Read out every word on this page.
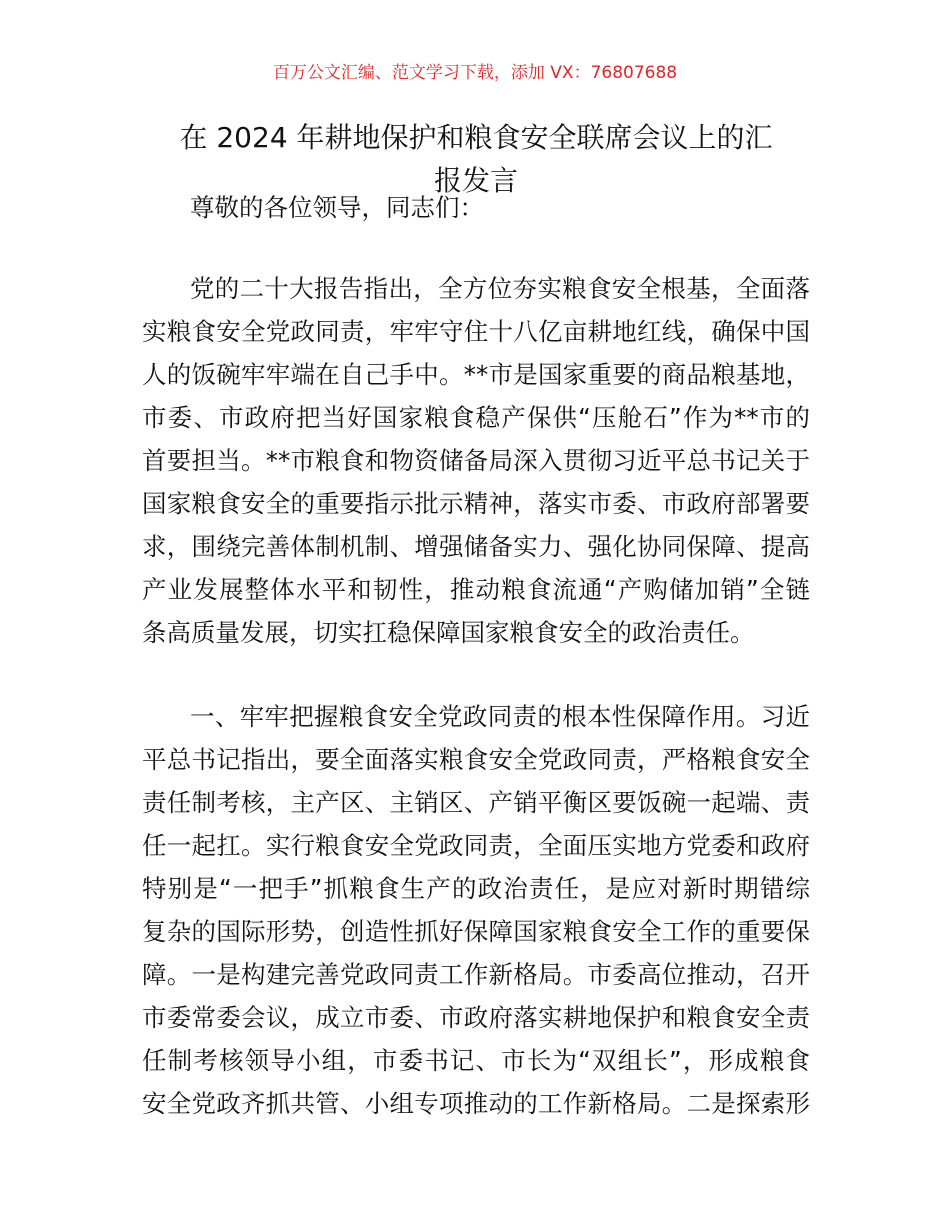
百万公文汇编、范文学习下载，添加 VX：76807688
在 2024 年耕地保护和粮食安全联席会议上的汇
报发言
尊敬的各位领导，同志们：
党的二十大报告指出，全方位夯实粮食安全根基，全面落
实粮食安全党政同责，牢牢守住十八亿亩耕地红线，确保中国
人的饭碗牢牢端在自己手中。**市是国家重要的商品粮基地，
市委、市政府把当好国家粮食稳产保供“压舱石”作为**市的
首要担当。**市粮食和物资储备局深入贯彻习近平总书记关于
国家粮食安全的重要指示批示精神，落实市委、市政府部署要
求，围绕完善体制机制、增强储备实力、强化协同保障、提高
产业发展整体水平和韧性，推动粮食流通“产购储加销”全链
条高质量发展，切实扛稳保障国家粮食安全的政治责任。
一、牢牢把握粮食安全党政同责的根本性保障作用。习近
平总书记指出，要全面落实粮食安全党政同责，严格粮食安全
责任制考核，主产区、主销区、产销平衡区要饭碗一起端、责
任一起扛。实行粮食安全党政同责，全面压实地方党委和政府
特别是“一把手”抓粮食生产的政治责任，是应对新时期错综
复杂的国际形势，创造性抓好保障国家粮食安全工作的重要保
障。一是构建完善党政同责工作新格局。市委高位推动，召开
市委常委会议，成立市委、市政府落实耕地保护和粮食安全责
任制考核领导小组，市委书记、市长为“双组长”，形成粮食
安全党政齐抓共管、小组专项推动的工作新格局。二是探索形
